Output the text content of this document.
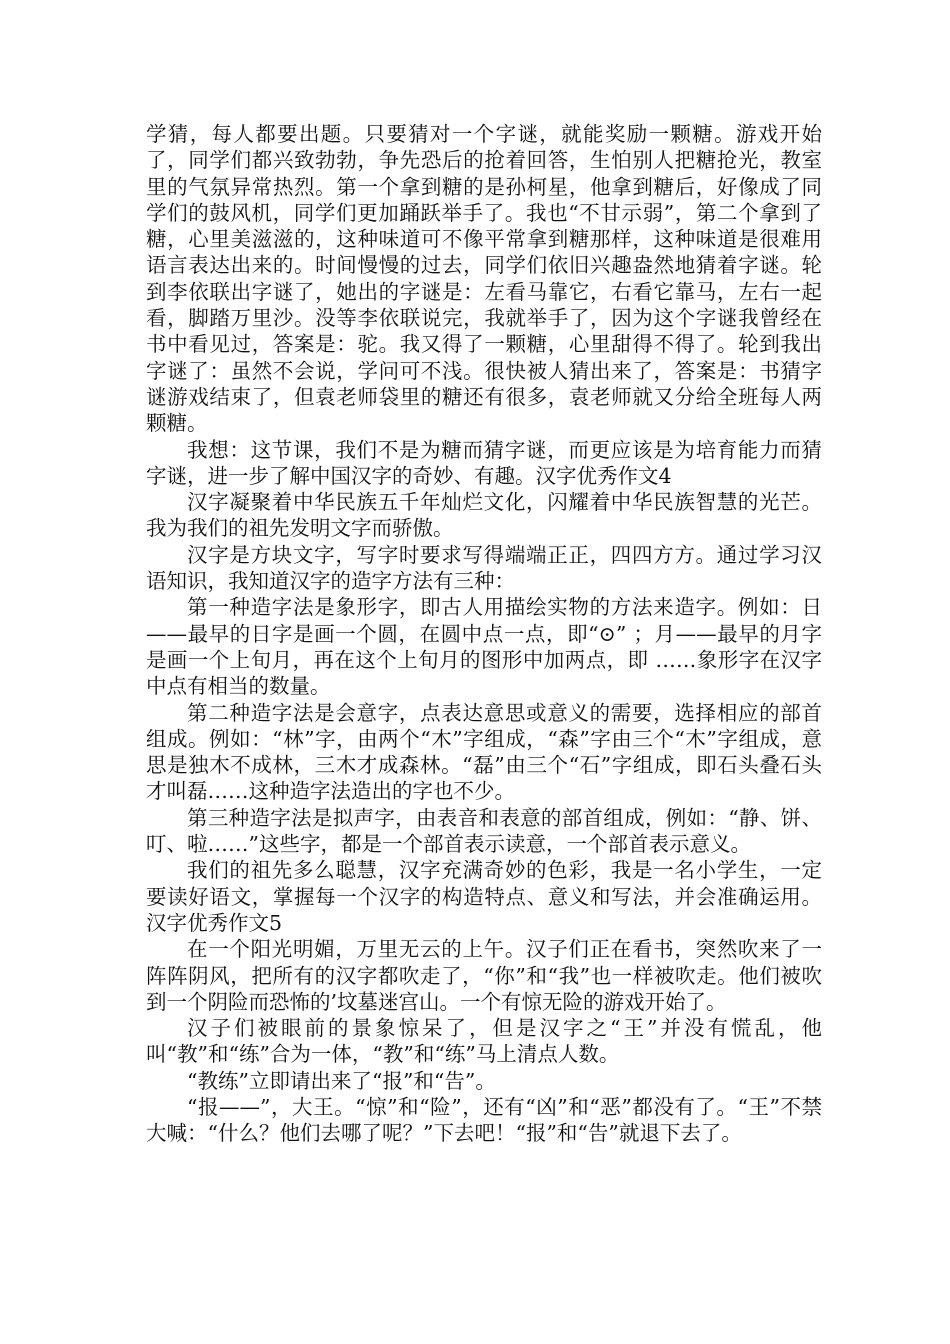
学猜，每人都要出题。只要猜对一个字谜，就能奖励一颗糖。游戏开始了，同学们都兴致勃勃，争先恐后的抢着回答，生怕别人把糖抢光，教室里的气氛异常热烈。第一个拿到糖的是孙柯星，他拿到糖后，好像成了同学们的鼓风机，同学们更加踊跃举手了。我也“不甘示弱”，第二个拿到了糖，心里美滋滋的，这种味道可不像平常拿到糖那样，这种味道是很难用语言表达出来的。时间慢慢的过去，同学们依旧兴趣盎然地猜着字谜。轮到李依联出字谜了，她出的字谜是：左看马靠它，右看它靠马，左右一起看，脚踏万里沙。没等李依联说完，我就举手了，因为这个字谜我曾经在书中看见过，答案是：驼。我又得了一颗糖，心里甜得不得了。轮到我出字谜了：虽然不会说，学问可不浅。很快被人猜出来了，答案是：书猜字谜游戏结束了，但袁老师袋里的糖还有很多，袁老师就又分给全班每人两颗糖。

我想：这节课，我们不是为糖而猜字谜，而更应该是为培育能力而猜字谜，进一步了解中国汉字的奇妙、有趣。汉字优秀作文4

汉字凝聚着中华民族五千年灿烂文化，闪耀着中华民族智慧的光芒。我为我们的祖先发明文字而骄傲。

汉字是方块文字，写字时要求写得端端正正，四四方方。通过学习汉语知识，我知道汉字的造字方法有三种：

第一种造字法是象形字，即古人用描绘实物的方法来造字。例如：日——最早的日字是画一个圆，在圆中点一点，即“⊙” ；月——最早的月字是画一个上旬月，再在这个上旬月的图形中加两点，即 ……象形字在汉字中点有相当的数量。

第二种造字法是会意字，点表达意思或意义的需要，选择相应的部首组成。例如：“林”字，由两个“木”字组成，“森”字由三个“木”字组成，意思是独木不成林，三木才成森林。“磊”由三个“石”字组成，即石头叠石头才叫磊……这种造字法造出的字也不少。

第三种造字法是拟声字，由表音和表意的部首组成，例如：“静、饼、叮、啦……”这些字，都是一个部首表示读意，一个部首表示意义。

我们的祖先多么聪慧，汉字充满奇妙的色彩，我是一名小学生，一定要读好语文，掌握每一个汉字的构造特点、意义和写法，并会准确运用。汉字优秀作文5

在一个阳光明媚，万里无云的上午。汉子们正在看书，突然吹来了一阵阵阴风，把所有的汉字都吹走了，“你”和“我”也一样被吹走。他们被吹到一个阴险而恐怖的’坟墓迷宫山。一个有惊无险的游戏开始了。

汉子们被眼前的景象惊呆了，但是汉字之“王”并没有慌乱，他叫“教”和“练”合为一体，“教”和“练”马上清点人数。

“教练”立即请出来了“报”和“告”。

“报——”，大王。“惊”和“险”，还有“凶”和“恶”都没有了。“王”不禁大喊：“什么？他们去哪了呢？”下去吧！“报”和“告”就退下去了。
